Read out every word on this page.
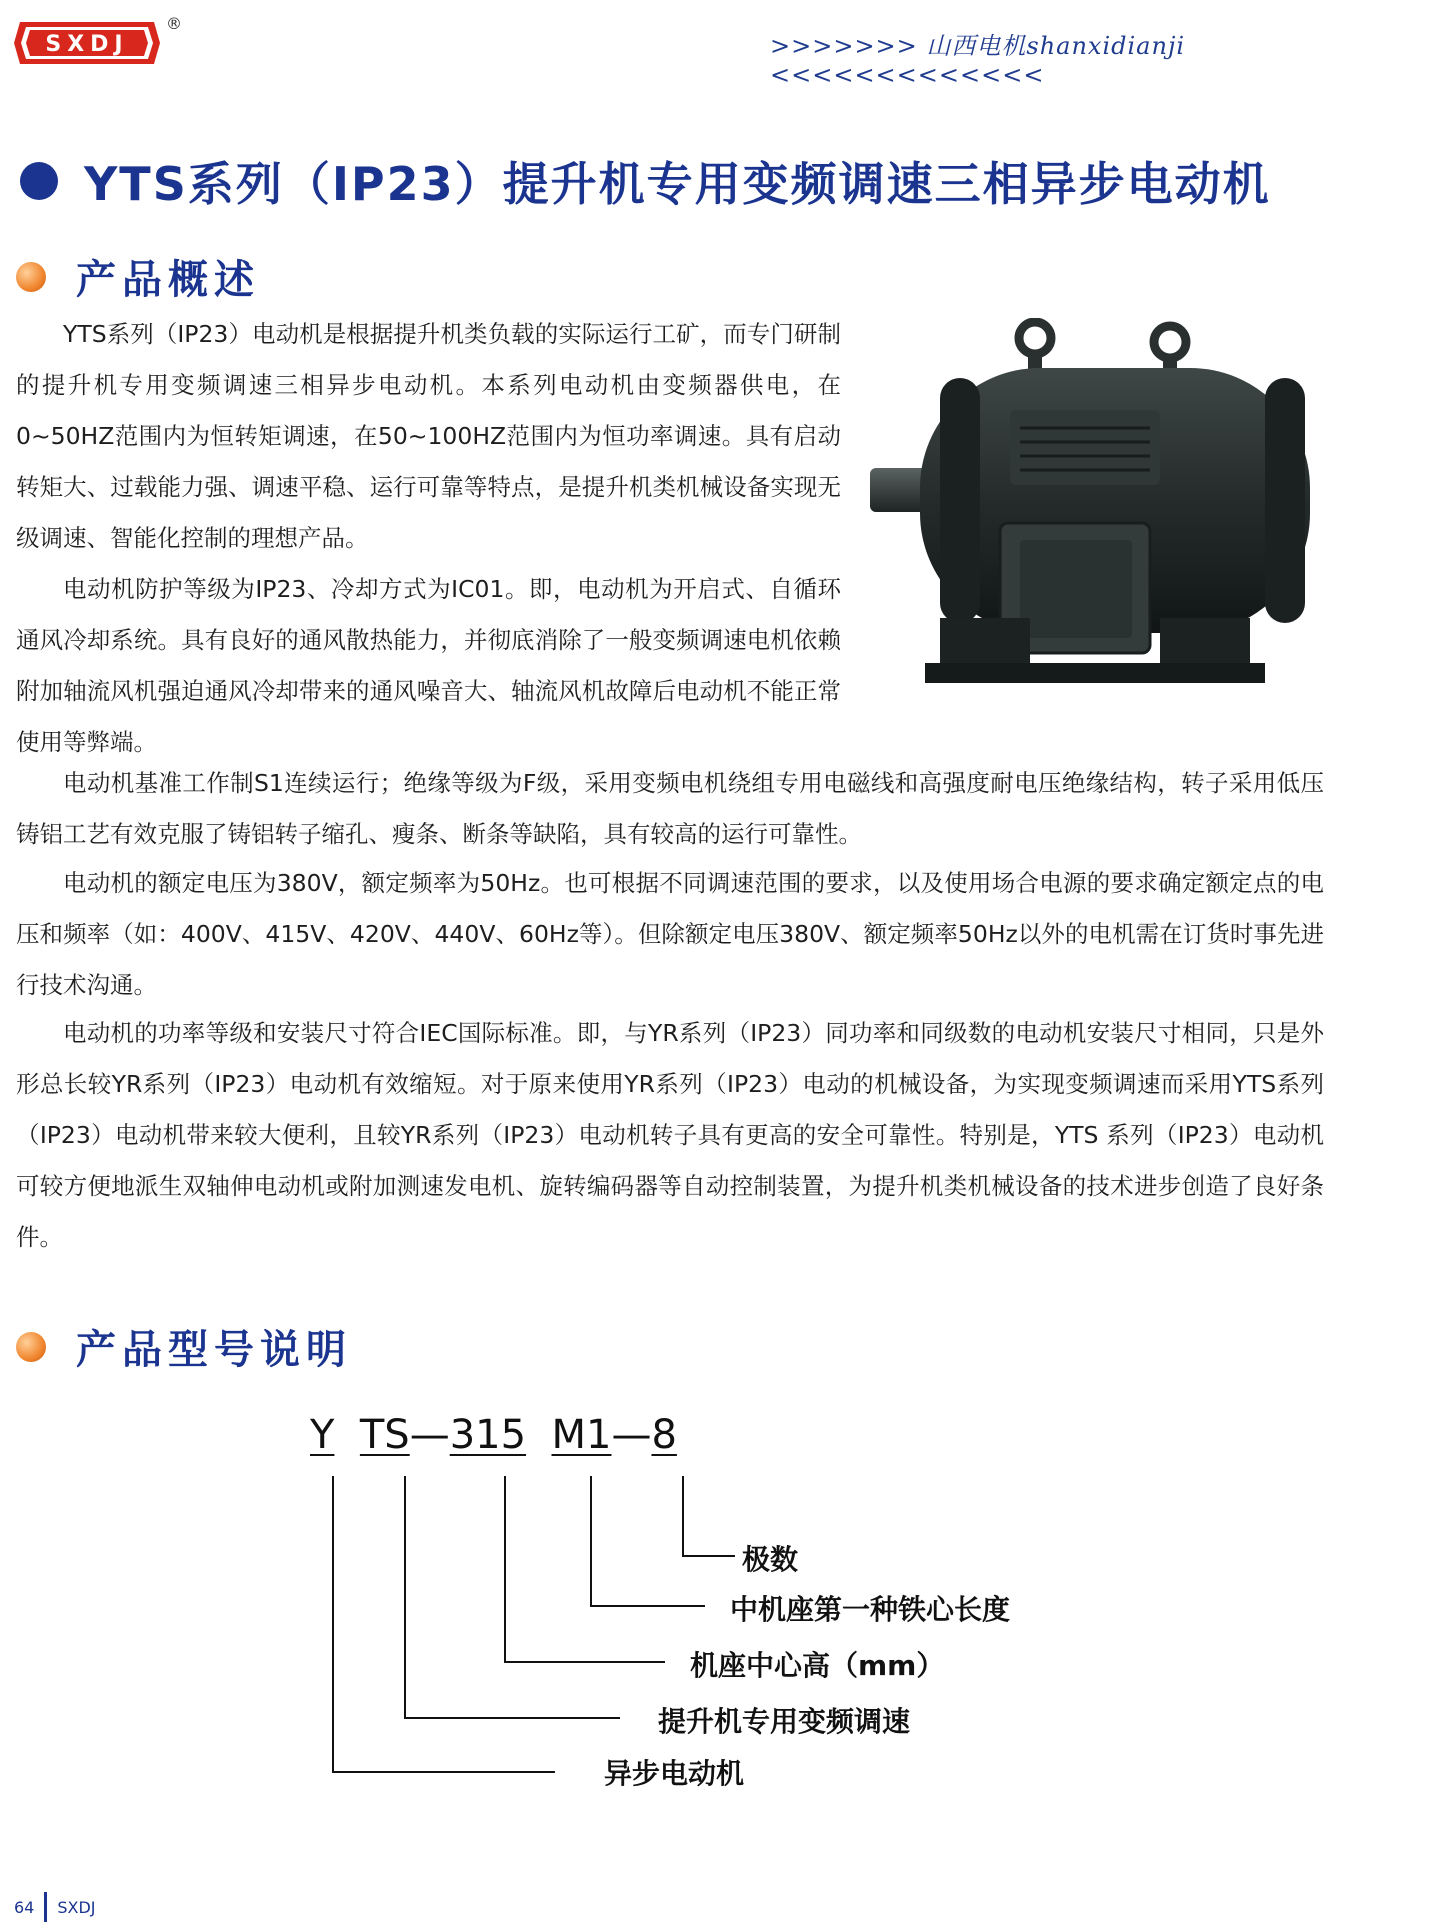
SXDJ
®
>>>>>>> 山西电机shanxidianji <<<<<<<<<<<<<
YTS系列（IP23）提升机专用变频调速三相异步电动机
产品概述

YTS系列（IP23）电动机是根据提升机类负载的实际运行工矿，而专门研制的提升机专用变频调速三相异步电动机。本系列电动机由变频器供电，在0~50HZ范围内为恒转矩调速，在50~100HZ范围内为恒功率调速。具有启动转矩大、过载能力强、调速平稳、运行可靠等特点，是提升机类机械设备实现无级调速、智能化控制的理想产品。

电动机防护等级为IP23、冷却方式为IC01。即，电动机为开启式、自循环通风冷却系统。具有良好的通风散热能力，并彻底消除了一般变频调速电机依赖附加轴流风机强迫通风冷却带来的通风噪音大、轴流风机故障后电动机不能正常使用等弊端。

电动机基准工作制S1连续运行；绝缘等级为F级，采用变频电机绕组专用电磁线和高强度耐电压绝缘结构，转子采用低压铸铝工艺有效克服了铸铝转子缩孔、瘦条、断条等缺陷，具有较高的运行可靠性。

电动机的额定电压为380V，额定频率为50Hz。也可根据不同调速范围的要求，以及使用场合电源的要求确定额定点的电压和频率（如：400V、415V、420V、440V、60Hz等）。但除额定电压380V、额定频率50Hz以外的电机需在订货时事先进行技术沟通。

电动机的功率等级和安装尺寸符合IEC国际标准。即，与YR系列（IP23）同功率和同级数的电动机安装尺寸相同，只是外形总长较YR系列（IP23）电动机有效缩短。对于原来使用YR系列（IP23）电动的机械设备，为实现变频调速而采用YTS系列（IP23）电动机带来较大便利，且较YR系列（IP23）电动机转子具有更高的安全可靠性。特别是，YTS 系列（IP23）电动机可较方便地派生双轴伸电动机或附加测速发电机、旋转编码器等自动控制装置，为提升机类机械设备的技术进步创造了良好条件。

Y TS—315 M1—8
产品型号说明
极数
中机座第一种铁心长度
机座中心高（mm）
提升机专用变频调速
异步电动机
64 SXDJ
